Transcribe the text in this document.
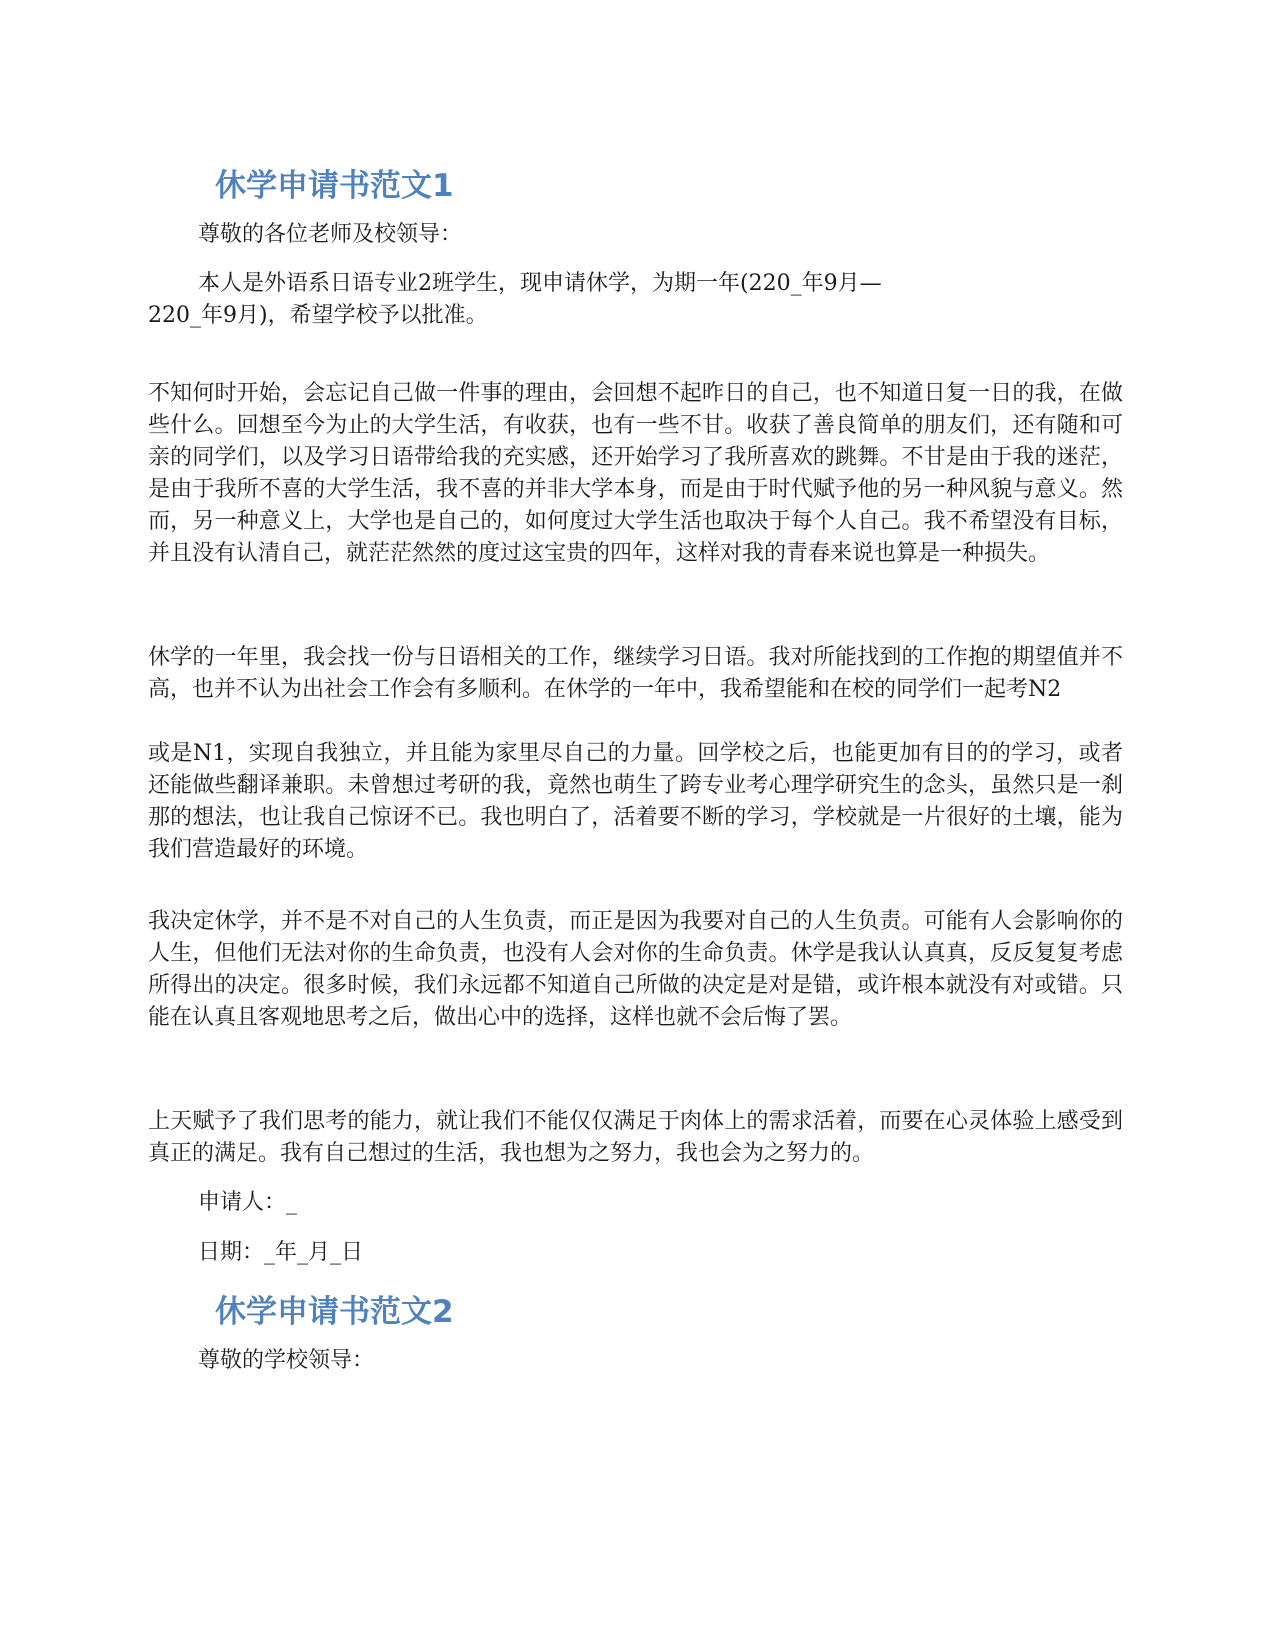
休学申请书范文1

尊敬的各位老师及校领导：

本人是外语系日语专业2班学生，现申请休学，为期一年(220_年9月—

220_年9月)，希望学校予以批准。

不知何时开始，会忘记自己做一件事的理由，会回想不起昨日的自己，也不知道日复一日的我，在做些什么。回想至今为止的大学生活，有收获，也有一些不甘。收获了善良简单的朋友们，还有随和可亲的同学们，以及学习日语带给我的充实感，还开始学习了我所喜欢的跳舞。不甘是由于我的迷茫，是由于我所不喜的大学生活，我不喜的并非大学本身，而是由于时代赋予他的另一种风貌与意义。然而，另一种意义上，大学也是自己的，如何度过大学生活也取决于每个人自己。我不希望没有目标，并且没有认清自己，就茫茫然然的度过这宝贵的四年，这样对我的青春来说也算是一种损失。

休学的一年里，我会找一份与日语相关的工作，继续学习日语。我对所能找到的工作抱的期望值并不高，也并不认为出社会工作会有多顺利。在休学的一年中，我希望能和在校的同学们一起考N2

或是N1，实现自我独立，并且能为家里尽自己的力量。回学校之后，也能更加有目的的学习，或者还能做些翻译兼职。未曾想过考研的我，竟然也萌生了跨专业考心理学研究生的念头，虽然只是一刹那的想法，也让我自己惊讶不已。我也明白了，活着要不断的学习，学校就是一片很好的土壤，能为我们营造最好的环境。

我决定休学，并不是不对自己的人生负责，而正是因为我要对自己的人生负责。可能有人会影响你的人生，但他们无法对你的生命负责，也没有人会对你的生命负责。休学是我认认真真，反反复复考虑所得出的决定。很多时候，我们永远都不知道自己所做的决定是对是错，或许根本就没有对或错。只能在认真且客观地思考之后，做出心中的选择，这样也就不会后悔了罢。

上天赋予了我们思考的能力，就让我们不能仅仅满足于肉体上的需求活着，而要在心灵体验上感受到真正的满足。我有自己想过的生活，我也想为之努力，我也会为之努力的。

申请人：_

日期：_年_月_日

休学申请书范文2

尊敬的学校领导：
